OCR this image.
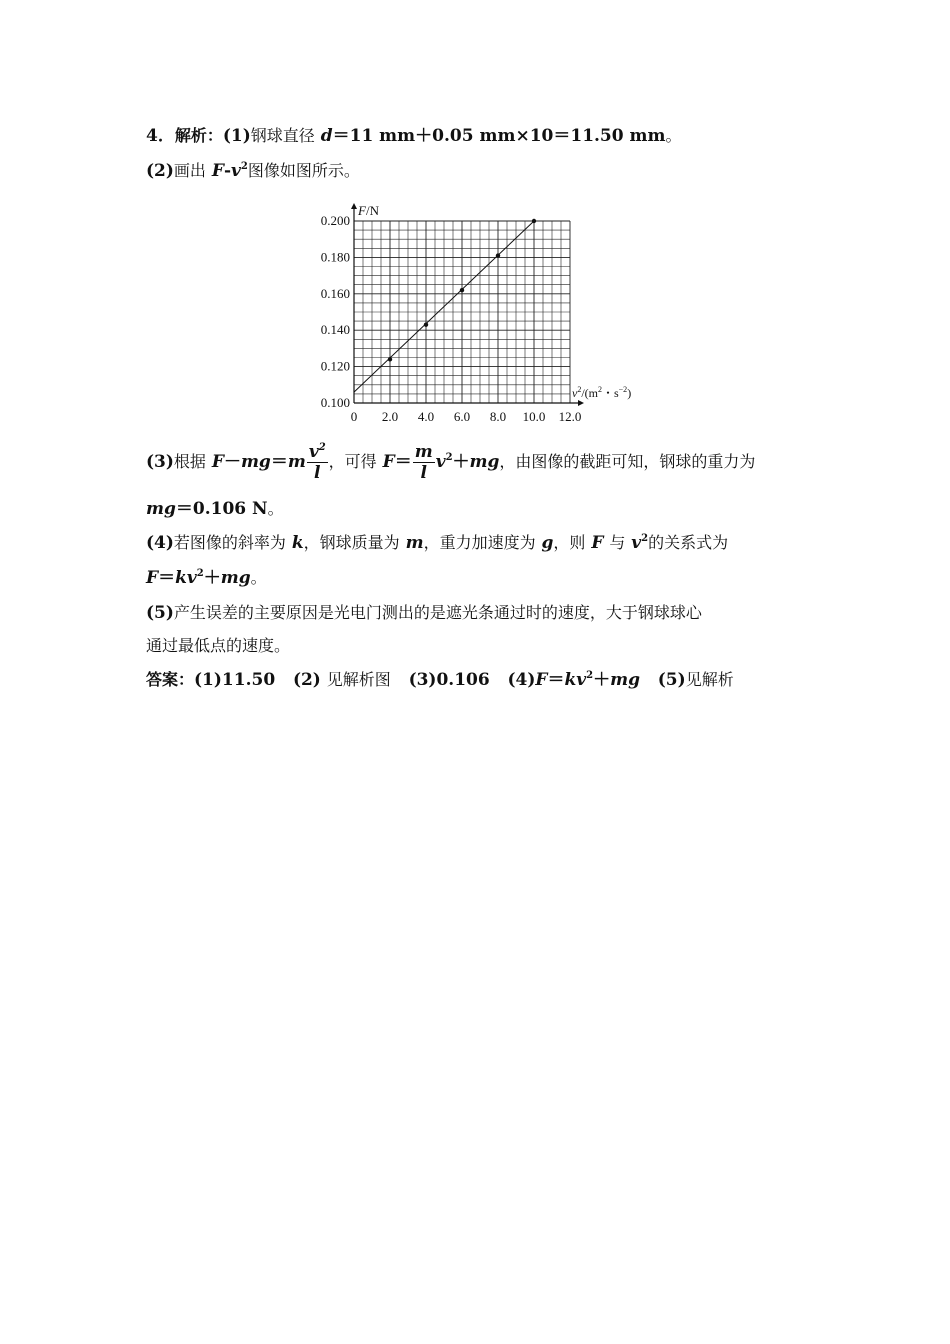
4．解析：(1)钢球直径 d＝11 mm＋0.05 mm×10＝11.50 mm。
(2)画出 $F-v^2$图像如图所示。
0 2.0 4.0 6.0 8.0 10.0 12.0
0.100
0.120
0.140
0.160
0.180
0.200
F/N
$v^2/(m^2$・$s^{-2}$)
(3)根据 $F-mg=m \frac{v^2}{l}$ ，可得 $F= \frac{m}{l} v^2+mg$，由图像的截距可知，钢球的重力为
mg＝0.106 N。
(4)若图像的斜率为 k，钢球质量为 m，重力加速度为 g，则 F 与 $v^2$的关系式为
$F=kv^2+mg$。
(5)产生误差的主要原因是光电门测出的是遮光条通过时的速度，大于钢球球心
通过最低点的速度。
答案：(1)11.50 (2) 见解析图 (3)0.106 $(4)F=kv^2+mg$ (5)见解析
